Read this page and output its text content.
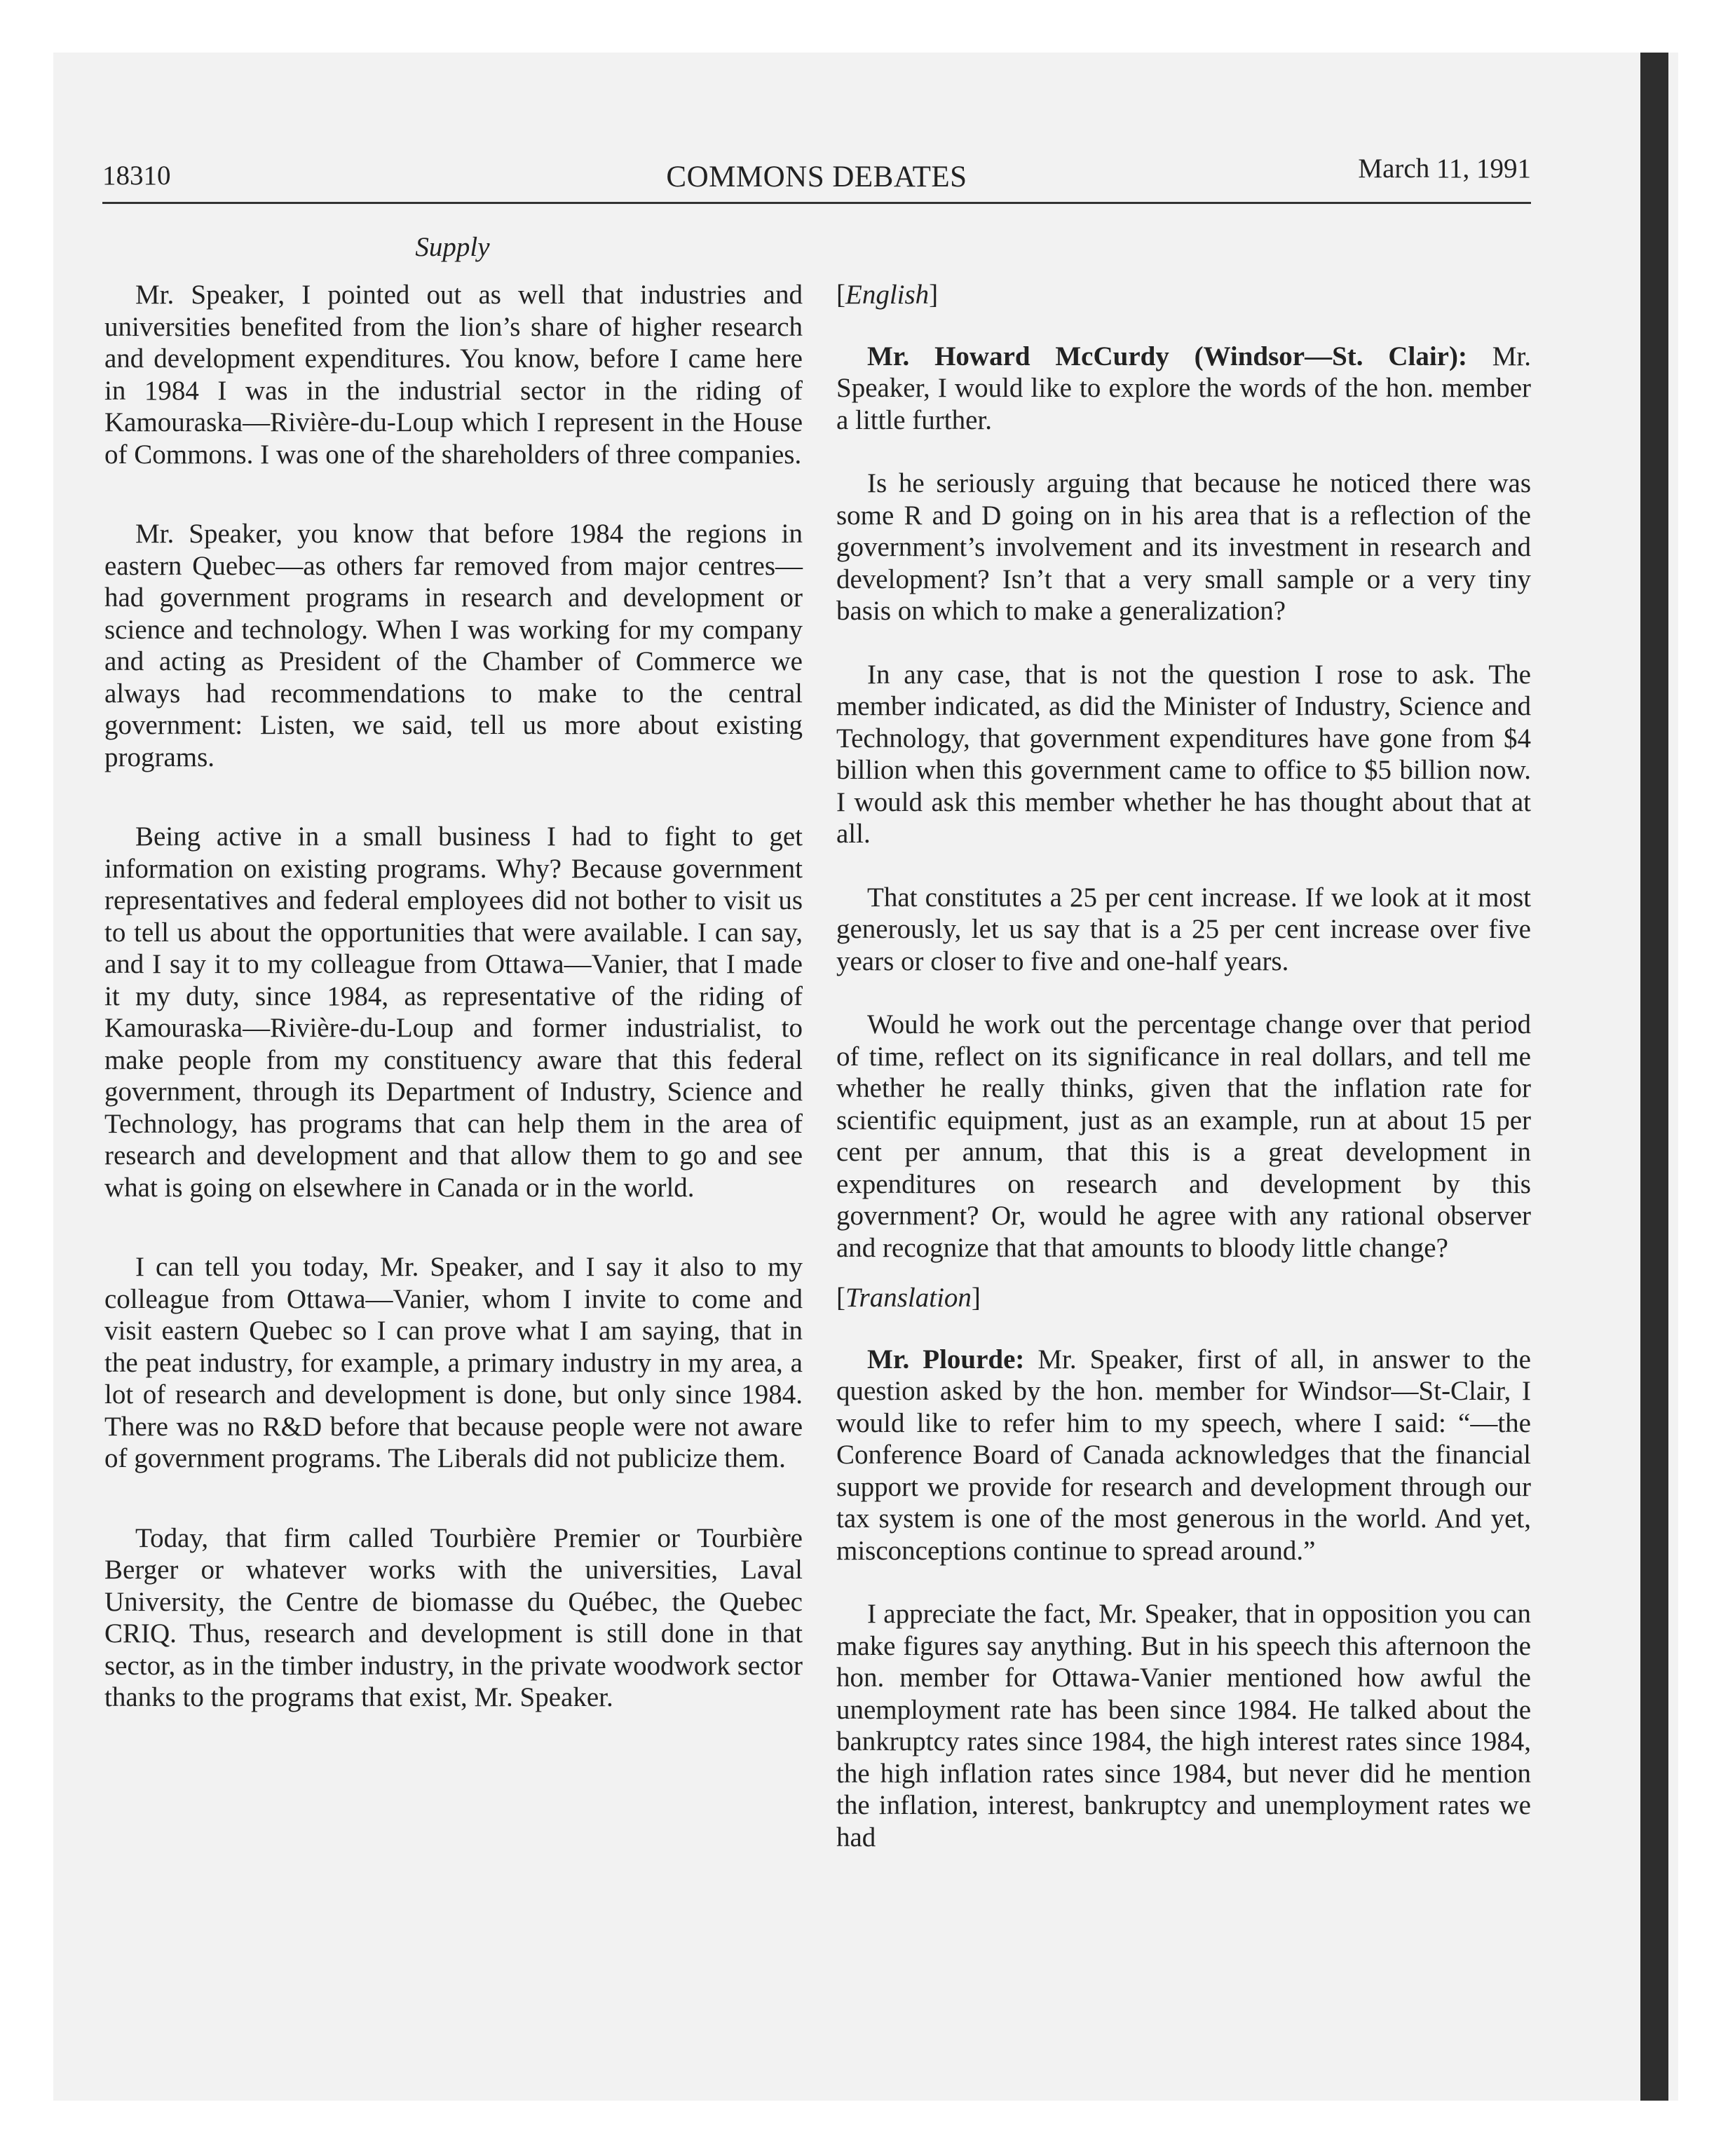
18310	COMMONS DEBATES	March 11, 1991
Supply

Mr. Speaker, I pointed out as well that industries and universities benefited from the lion’s share of higher research and development expenditures. You know, before I came here in 1984 I was in the industrial sector in the riding of Kamouraska—Rivière-du-Loup which I represent in the House of Commons. I was one of the shareholders of three companies.

Mr. Speaker, you know that before 1984 the regions in eastern Quebec—as others far removed from major centres—had government programs in research and development or science and technology. When I was working for my company and acting as President of the Chamber of Commerce we always had recommendations to make to the central government: Listen, we said, tell us more about existing programs.

Being active in a small business I had to fight to get information on existing programs. Why? Because government representatives and federal employees did not bother to visit us to tell us about the opportunities that were available. I can say, and I say it to my colleague from Ottawa—Vanier, that I made it my duty, since 1984, as representative of the riding of Kamouraska—Rivière-du-Loup and former industrialist, to make people from my constituency aware that this federal government, through its Department of Industry, Science and Technology, has programs that can help them in the area of research and development and that allow them to go and see what is going on elsewhere in Canada or in the world.

I can tell you today, Mr. Speaker, and I say it also to my colleague from Ottawa—Vanier, whom I invite to come and visit eastern Quebec so I can prove what I am saying, that in the peat industry, for example, a primary industry in my area, a lot of research and development is done, but only since 1984. There was no R&D before that because people were not aware of government programs. The Liberals did not publicize them.

Today, that firm called Tourbière Premier or Tourbière Berger or whatever works with the universities, Laval University, the Centre de biomasse du Québec, the Quebec CRIQ. Thus, research and development is still done in that sector, as in the timber industry, in the private woodwork sector thanks to the programs that exist, Mr. Speaker.

[English]

Mr. Howard McCurdy (Windsor—St. Clair): Mr. Speaker, I would like to explore the words of the hon. member a little further.

Is he seriously arguing that because he noticed there was some R and D going on in his area that is a reflection of the government’s involvement and its investment in research and development? Isn’t that a very small sample or a very tiny basis on which to make a generalization?

In any case, that is not the question I rose to ask. The member indicated, as did the Minister of Industry, Science and Technology, that government expenditures have gone from $4 billion when this government came to office to $5 billion now. I would ask this member whether he has thought about that at all.

That constitutes a 25 per cent increase. If we look at it most generously, let us say that is a 25 per cent increase over five years or closer to five and one-half years.

Would he work out the percentage change over that period of time, reflect on its significance in real dollars, and tell me whether he really thinks, given that the inflation rate for scientific equipment, just as an example, run at about 15 per cent per annum, that this is a great development in expenditures on research and development by this government? Or, would he agree with any rational observer and recognize that that amounts to bloody little change?

[Translation]

Mr. Plourde: Mr. Speaker, first of all, in answer to the question asked by the hon. member for Windsor—St-Clair, I would like to refer him to my speech, where I said: “—the Conference Board of Canada acknowledges that the financial support we provide for research and development through our tax system is one of the most generous in the world. And yet, misconceptions continue to spread around.”

I appreciate the fact, Mr. Speaker, that in opposition you can make figures say anything. But in his speech this afternoon the hon. member for Ottawa-Vanier mentioned how awful the unemployment rate has been since 1984. He talked about the bankruptcy rates since 1984, the high interest rates since 1984, the high inflation rates since 1984, but never did he mention the inflation, interest, bankruptcy and unemployment rates we had
